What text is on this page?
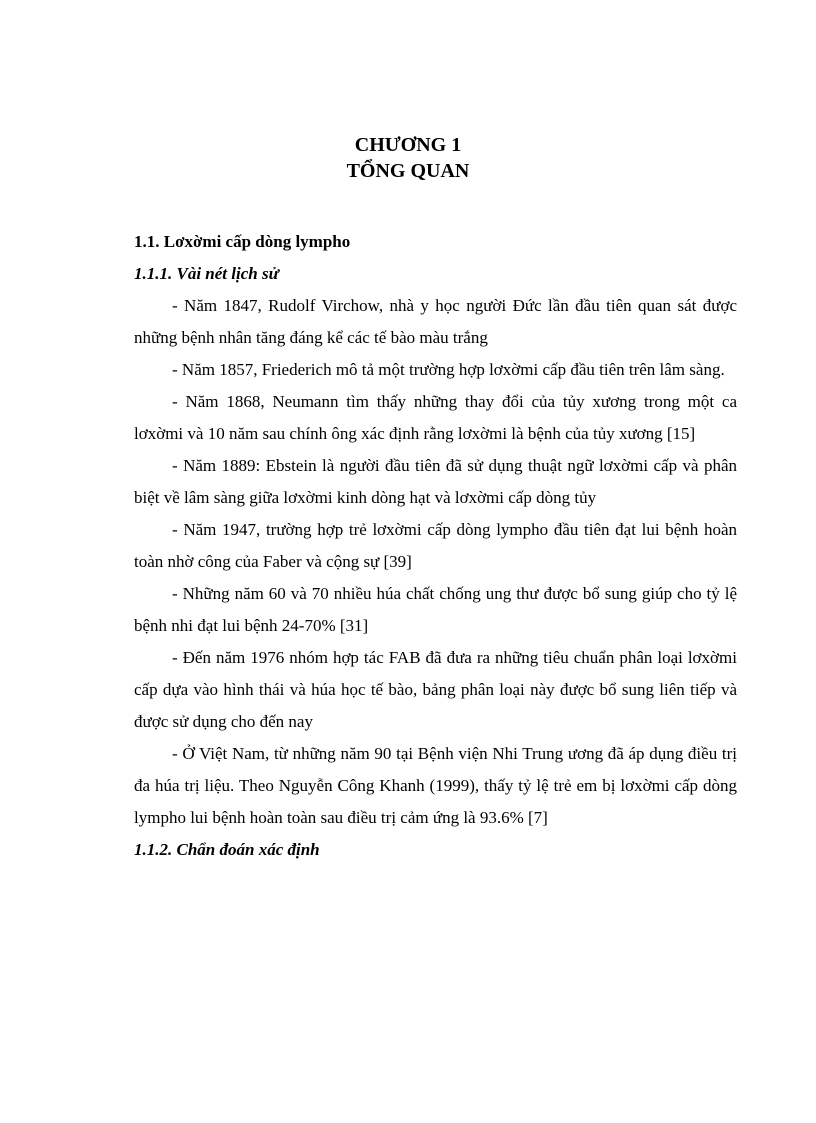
CHƯƠNG 1
TỔNG QUAN

1.1. Lơxờmi cấp dòng lympho

1.1.1. Vài nét lịch sử

- Năm 1847, Rudolf Virchow, nhà y học người Đức lần đầu tiên quan sát được những bệnh nhân tăng đáng kể các tế bào màu trắng

- Năm 1857, Friederich mô tả một trường hợp lơxờmi cấp đầu tiên trên lâm sàng.

- Năm 1868, Neumann tìm thấy những thay đổi của tủy xương trong một ca lơxờmi và 10 năm sau chính ông xác định rằng lơxờmi là bệnh của tủy xương [15]

- Năm 1889: Ebstein là người đầu tiên đã sử dụng thuật ngữ lơxờmi cấp và phân biệt về lâm sàng giữa lơxờmi kinh dòng hạt và lơxờmi cấp dòng tủy

- Năm 1947, trường hợp trẻ lơxờmi cấp dòng lympho đầu tiên đạt lui bệnh hoàn toàn nhờ công của Faber và cộng sự [39]

- Những năm 60 và 70 nhiều húa chất chống ung thư được bổ sung giúp cho tỷ lệ bệnh nhi đạt lui bệnh 24-70% [31]

- Đến năm 1976 nhóm hợp tác FAB đã đưa ra những tiêu chuẩn phân loại lơxờmi cấp dựa vào hình thái và húa học tế bào, bảng phân loại này được bổ sung liên tiếp và được sử dụng cho đến nay

- Ở Việt Nam, từ những năm 90 tại Bệnh viện Nhi Trung ương đã áp dụng điều trị đa húa trị liệu. Theo Nguyễn Công Khanh (1999), thấy tỷ lệ trẻ em bị lơxờmi cấp dòng lympho lui bệnh hoàn toàn sau điều trị cảm ứng là 93.6% [7]

1.1.2. Chẩn đoán xác định
